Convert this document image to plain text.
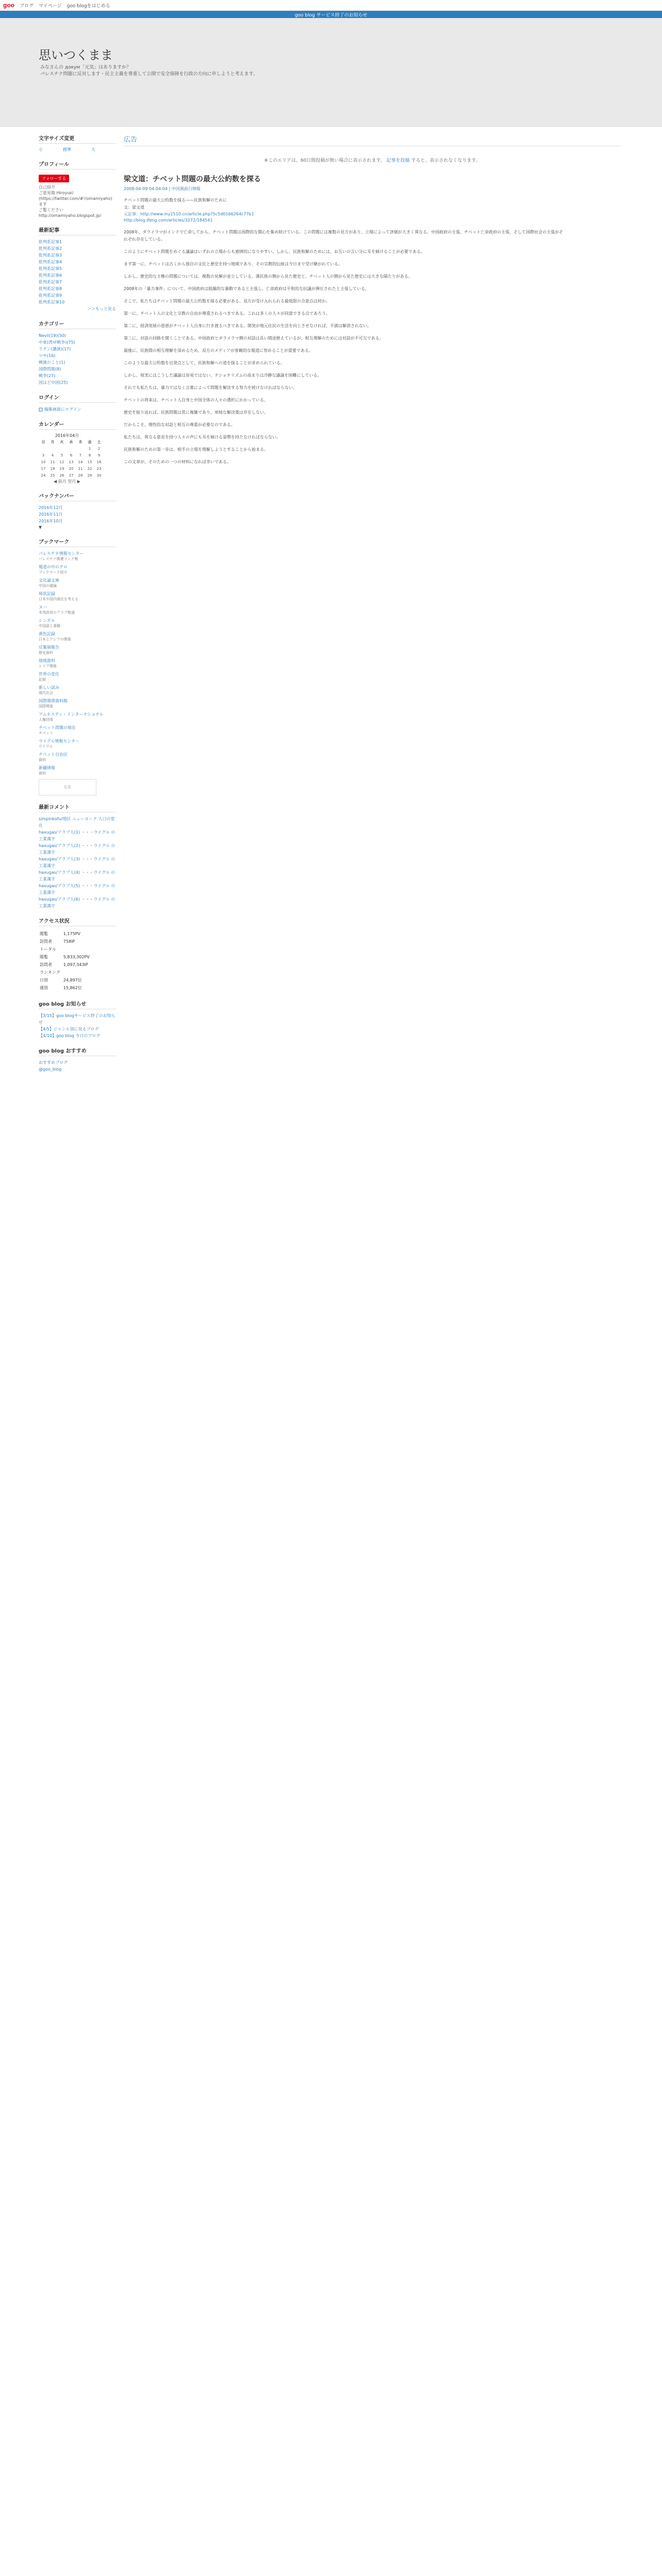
goo ブログ マイページ goo blogをはじめる
goo blog サービス終了のお知らせ
思いつくまま
みなさんの докум「元気」はありますか？
パレスチナ問題に反対します・民主主義を尊重して公開で安全保障を行政の方向に申しようと考えます。
文字サイズ変更
小	標準	大
プロフィール
フォローする
自己紹介
ご意見箱 Hiroyuki
(https://twitter.com/#!/omamiyaho)
ます
ご覧ください
http://omamiyaho.blogspot.jp/
最新記事
批判系記事1
批判系記事2
批判系記事3
批判系記事4
批判系記事5
批判系記事6
批判系記事7
批判系記事8
批判系記事9
批判系記事10
＞＞もっと見る
カテゴリー
Nevil(19)(50)
中東(湾岸戦争)(75)
ラテン(講演)(17)
マサ(16)
戦後のこと(1)
国際問題(8)
戦争(27)
国はど中国(25)
ログイン
編集画面にログイン
カレンダー
2016年04月
日	月	火	水	木	金	土
					1	2
3	4	5	6	7	8	9
10	11	12	13	14	15	16
17	18	19	20	21	22	23
24	25	26	27	28	29	30
◀ 前月 翌月 ▶
バックナンバー
2016年12月
2016年11月
2016年10月
▼
ブックマーク
パレスチナ情報センター
パレスチナ関連リンク集
報道の中のテロ
ブックマーク紹介
文化論文庫
中国の議論
現状記録
日本や国内現在を考える
ヌハ
米英政府のアラブ報道
シンボル
中国語と書籍
黄色記録
日本とアジアの関係
反緊制報告
歴史資料
地域資料
シリア関係
世界の変化
記録
新しい試み
現代社会
国際関係資料館
国際関係
アムネスティ・インターナショナル
人権団体
チベット問題の現在
チベット
ウイグル情報センター
ウイグル
チベット自治区
資料
新疆情報
資料
広告
最新コメント
simpinkofu/地区 ニューヨーク 人口の変化
haxugas/アラブ人(1) ・・・ウイグル の工業漢字
haxugas/アラブ人(2) ・・・ウイグル の工業漢字
haxugas/アラブ人(3) ・・・ウイグル の工業漢字
haxugas/アラブ人(4) ・・・ウイグル の工業漢字
haxugas/アラブ人(5) ・・・ウイグル の工業漢字
haxugas/アラブ人(6) ・・・ウイグル の工業漢字
アクセス状況
閲覧	1,175PV
訪問者	758IP
トータル	
閲覧	5,833,302PV
訪問者	1,097,343IP
ランキング	
日別	24,897位
週別	15,862位
goo blog お知らせ
【3/15】goo blogサービス終了のお知らせ
【4/5】ジャンル別に見るブログ
【4/10】goo blog 今日のブログ
goo blog おすすめ
おすすめブログ
@goo_blog
広告
※このエリアは、60日間投稿が無い場合に表示されます。 記事を投稿 すると、表示されなくなります。
梁文道：チベット問題の最大公約数を探る
2008-04-09 04:04:04 | 中国風面白情報
チベット問題の最大公約数を探る——民族和解のために
文：梁文道
元記事：http://www.my1510.cn/article.php?5c5d0166264c77b1
http://blog.ifeng.com/articles/3272/184541

2008年、ダライラマがインドで亡命してから、チベット問題は国際的な関心を集め続けている。この問題には複数の見方があり、立場によって評価が大きく異なる。中国政府の主張、チベット亡命政府の主張、そして国際社会の主張がそれぞれ存在している。

このようにチベット問題をめぐる議論はいずれの立場からも感情的になりやすい。しかし、民族和解のためには、お互いの言い分に耳を傾けることが必要である。

まず第一に、チベットは古くから独自の文化と歴史を持つ地域であり、その宗教的伝統は今日まで受け継がれている。

しかし、歴史的な主権の問題については、複数の見解が並立している。漢民族の側から見た歴史と、チベット人の側から見た歴史には大きな隔たりがある。

2008年の「暴力事件」について、中国政府は組織的な暴動であると主張し、亡命政府は平和的な抗議が弾圧されたと主張している。

そこで、私たちはチベット問題の最大公約数を探る必要がある。双方が受け入れられる最低限の合意点は何か。

第一に、チベット人の文化と宗教の自由が尊重されるべきである。これは多くの人々が同意できる点であろう。

第二に、経済発展の恩恵がチベット人自身に行き渡るべきである。開発が地元住民の生活を向上させなければ、不満は解消されない。

第三に、対話の回路を開くことである。中国政府とダライラマ側の対話は長い間途絶えているが、相互理解のためには対話が不可欠である。

最後に、民族間の相互理解を深めるため、双方のメディアが客観的な報道に努めることが重要である。

このような最大公約数を出発点として、民族和解への道を探ることが求められている。

しかし、現実にはこうした議論は容易ではない。ナショナリズムの高まりは冷静な議論を困難にしている。

それでも私たちは、暴力ではなく言葉によって問題を解決する努力を続けなければならない。

チベットの将来は、チベット人自身と中国全体の人々の選択にかかっている。

歴史を振り返れば、民族問題は常に複雑であり、単純な解決策は存在しない。

だからこそ、理性的な対話と相互の尊重が必要なのである。

私たちは、異なる意見を持つ人々の声にも耳を傾ける姿勢を持たなければならない。

民族和解のための第一歩は、相手の立場を理解しようとすることから始まる。

この文章が、そのための一つの材料になれば幸いである。
